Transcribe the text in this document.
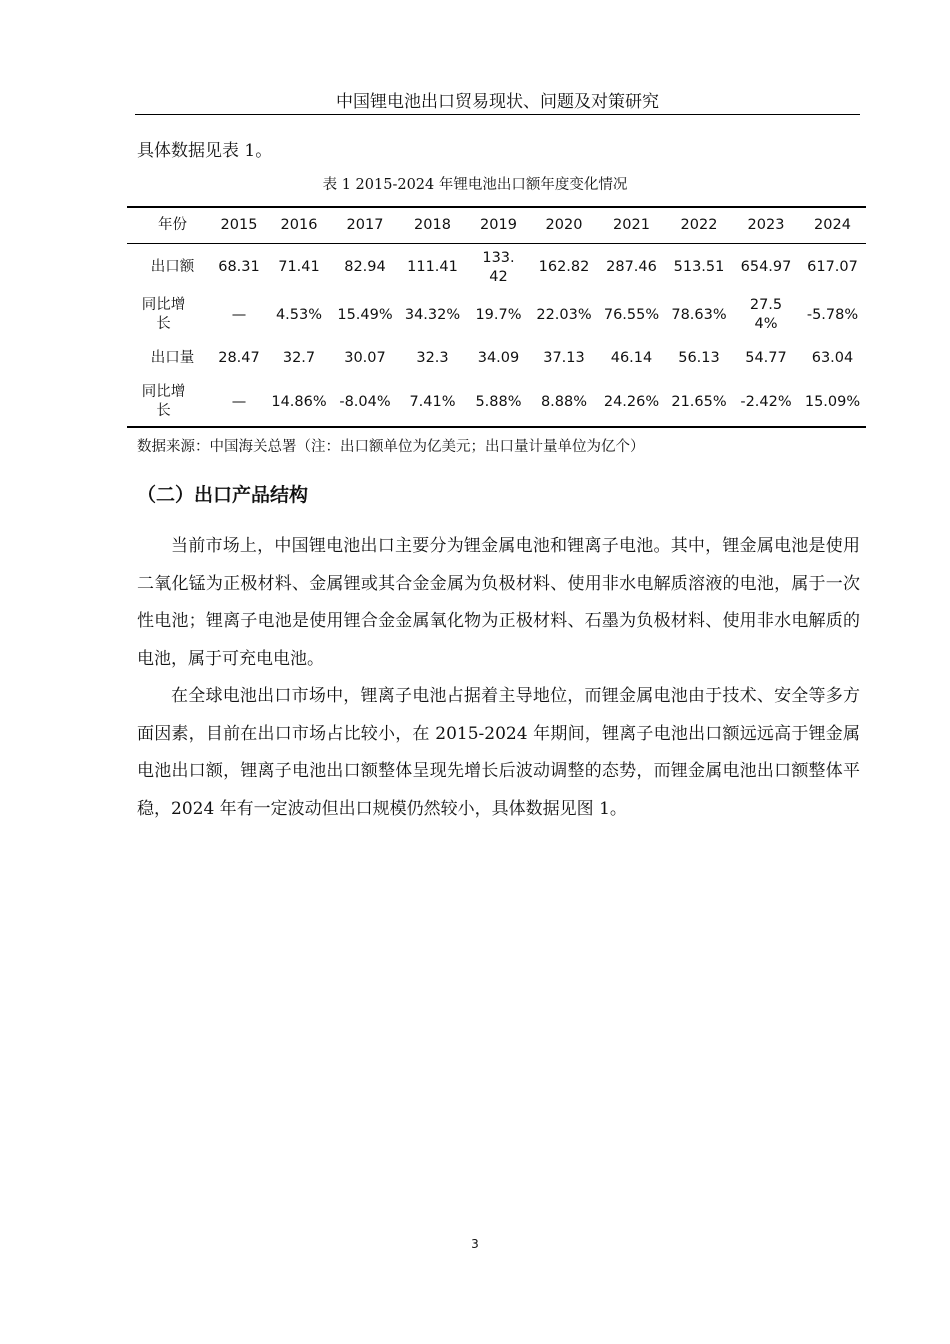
中国锂电池出口贸易现状、问题及对策研究
具体数据见表 1。
表 1 2015-2024 年锂电池出口额年度变化情况
年份	2015	2016	2017	2018	2019	2020	2021	2022	2023	2024
出口额	68.31	71.41	82.94	111.41	133.42	162.82	287.46	513.51	654.97	617.07
同比增长	—	4.53%	15.49%	34.32%	19.7%	22.03%	76.55%	78.63%	27.54%	-5.78%
出口量	28.47	32.7	30.07	32.3	34.09	37.13	46.14	56.13	54.77	63.04
同比增长	—	14.86%	-8.04%	7.41%	5.88%	8.88%	24.26%	21.65%	-2.42%	15.09%
数据来源：中国海关总署（注：出口额单位为亿美元；出口量计量单位为亿个）
（二）出口产品结构

当前市场上，中国锂电池出口主要分为锂金属电池和锂离子电池。其中，锂金属电池是使用二氧化锰为正极材料、金属锂或其合金金属为负极材料、使用非水电解质溶液的电池，属于一次性电池；锂离子电池是使用锂合金金属氧化物为正极材料、石墨为负极材料、使用非水电解质的电池，属于可充电电池。

在全球电池出口市场中，锂离子电池占据着主导地位，而锂金属电池由于技术、安全等多方面因素，目前在出口市场占比较小，在 2015-2024 年期间，锂离子电池出口额远远高于锂金属电池出口额，锂离子电池出口额整体呈现先增长后波动调整的态势，而锂金属电池出口额整体平稳，2024 年有一定波动但出口规模仍然较小，具体数据见图 1。

3
